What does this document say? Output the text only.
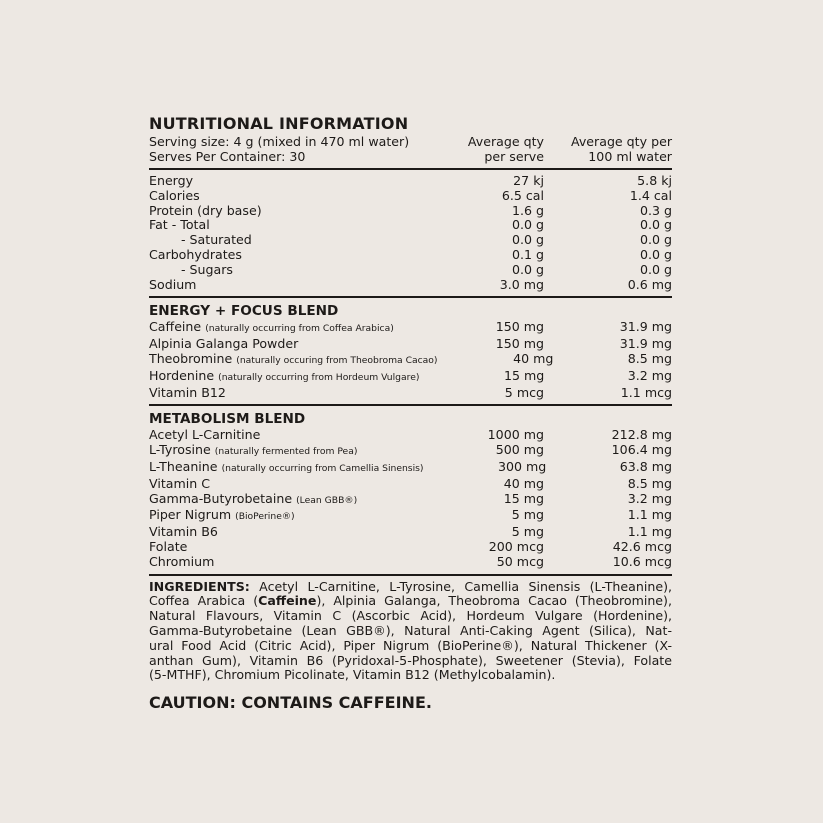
NUTRITIONAL INFORMATION
Serving size: 4 g (mixed in 470 ml water)
Serves Per Container: 30
Average qty
per serve
Average qty per
100 ml water
Energy	27 kj	5.8 kj
Calories	6.5 cal	1.4 cal
Protein (dry base)	1.6 g	0.3 g
Fat - Total	0.0 g	0.0 g
- Saturated	0.0 g	0.0 g
Carbohydrates	0.1 g	0.0 g
- Sugars	0.0 g	0.0 g
Sodium	3.0 mg	0.6 mg
ENERGY + FOCUS BLEND
Caffeine (naturally occurring from Coffea Arabica)	150 mg	31.9 mg
Alpinia Galanga Powder	150 mg	31.9 mg
Theobromine (naturally occuring from Theobroma Cacao)	40 mg	8.5 mg
Hordenine (naturally occurring from Hordeum Vulgare)	15 mg	3.2 mg
Vitamin B12	5 mcg	1.1 mcg
METABOLISM BLEND
Acetyl L-Carnitine	1000 mg	212.8 mg
L-Tyrosine (naturally fermented from Pea)	500 mg	106.4 mg
L-Theanine (naturally occurring from Camellia Sinensis)	300 mg	63.8 mg
Vitamin C	40 mg	8.5 mg
Gamma-Butyrobetaine (Lean GBB®)	15 mg	3.2 mg
Piper Nigrum (BioPerine®)	5 mg	1.1 mg
Vitamin B6	5 mg	1.1 mg
Folate	200 mcg	42.6 mcg
Chromium	50 mcg	10.6 mcg
INGREDIENTS: Acetyl L-Carnitine, L-Tyrosine, Camellia Sinensis (L-Theanine),
Coffea Arabica (Caffeine), Alpinia Galanga, Theobroma Cacao (Theobromine),
Natural Flavours, Vitamin C (Ascorbic Acid), Hordeum Vulgare (Hordenine),
Gamma-Butyrobetaine (Lean GBB®), Natural Anti-Caking Agent (Silica), Nat-
ural Food Acid (Citric Acid), Piper Nigrum (BioPerine®), Natural Thickener (X-
anthan Gum), Vitamin B6 (Pyridoxal-5-Phosphate), Sweetener (Stevia), Folate
(5-MTHF), Chromium Picolinate, Vitamin B12 (Methylcobalamin).
CAUTION: CONTAINS CAFFEINE.
